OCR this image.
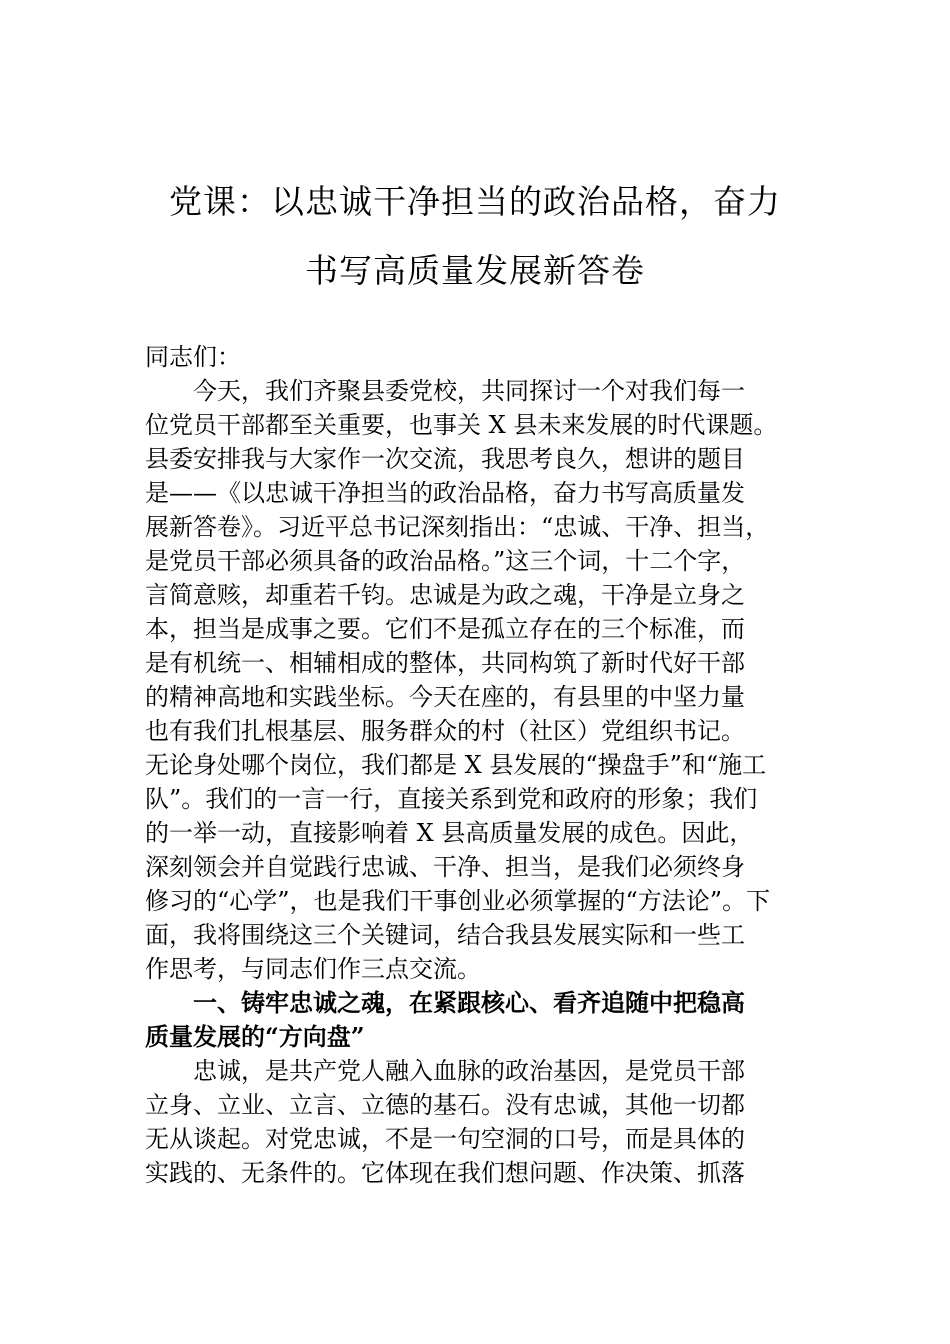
党课：以忠诚干净担当的政治品格，奋力
书写高质量发展新答卷
同志们：
今天，我们齐聚县委党校，共同探讨一个对我们每一
位党员干部都至关重要，也事关 X 县未来发展的时代课题。
县委安排我与大家作一次交流，我思考良久，想讲的题目
是——《以忠诚干净担当的政治品格，奋力书写高质量发
展新答卷》。习近平总书记深刻指出：“忠诚、干净、担当，
是党员干部必须具备的政治品格。”这三个词，十二个字，
言简意赅，却重若千钧。忠诚是为政之魂，干净是立身之
本，担当是成事之要。它们不是孤立存在的三个标准，而
是有机统一、相辅相成的整体，共同构筑了新时代好干部
的精神高地和实践坐标。今天在座的，有县里的中坚力量
也有我们扎根基层、服务群众的村（社区）党组织书记。
无论身处哪个岗位，我们都是 X 县发展的“操盘手”和“施工
队”。我们的一言一行，直接关系到党和政府的形象；我们
的一举一动，直接影响着 X 县高质量发展的成色。因此，
深刻领会并自觉践行忠诚、干净、担当，是我们必须终身
修习的“心学”，也是我们干事创业必须掌握的“方法论”。下
面，我将围绕这三个关键词，结合我县发展实际和一些工
作思考，与同志们作三点交流。
一、铸牢忠诚之魂，在紧跟核心、看齐追随中把稳高
质量发展的“方向盘”
忠诚，是共产党人融入血脉的政治基因，是党员干部
立身、立业、立言、立德的基石。没有忠诚，其他一切都
无从谈起。对党忠诚，不是一句空洞的口号，而是具体的
实践的、无条件的。它体现在我们想问题、作决策、抓落
